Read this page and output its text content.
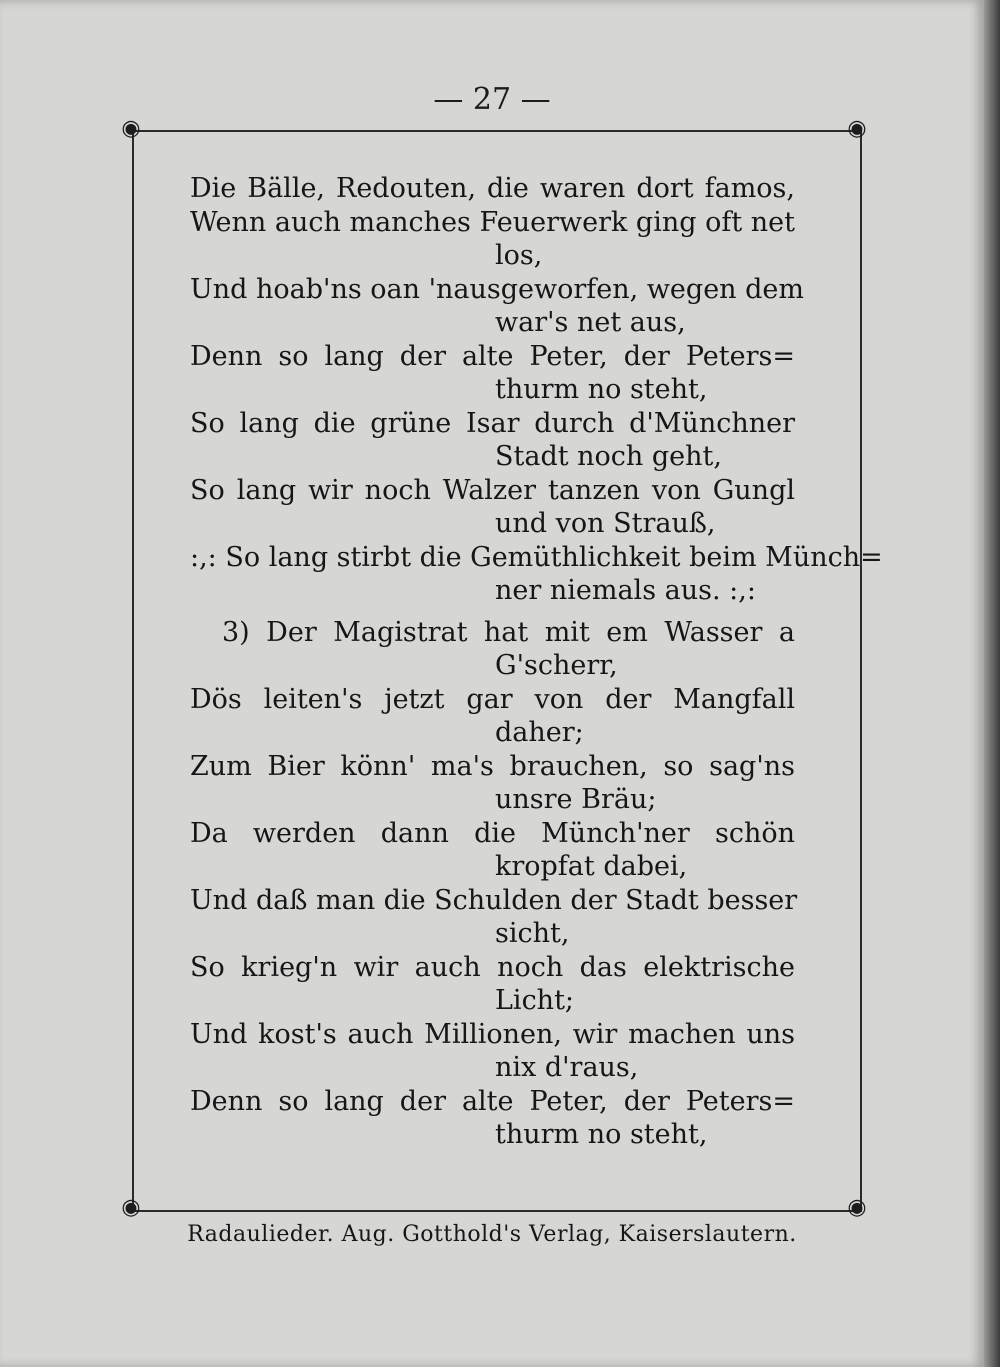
— 27 —
◉	◉
◉	◉
Die Bälle, Redouten, die waren dort famos,
Wenn auch manches Feuerwerk ging oft net
los,
Und hoab'ns oan 'nausgeworfen, wegen dem
war's net aus,
Denn so lang der alte Peter, der Peters=
thurm no steht,
So lang die grüne Isar durch d'Münchner
Stadt noch geht,
So lang wir noch Walzer tanzen von Gungl
und von Strauß,
:,: So lang stirbt die Gemüthlichkeit beim Münch=
ner niemals aus. :,:
3) Der Magistrat hat mit em Wasser a
G'scherr,
Dös leiten's jetzt gar von der Mangfall
daher;
Zum Bier könn' ma's brauchen, so sag'ns
unsre Bräu;
Da werden dann die Münch'ner schön
kropfat dabei,
Und daß man die Schulden der Stadt besser
sicht,
So krieg'n wir auch noch das elektrische
Licht;
Und kost's auch Millionen, wir machen uns
nix d'raus,
Denn so lang der alte Peter, der Peters=
thurm no steht,
Radaulieder. Aug. Gotthold's Verlag, Kaiserslautern.
